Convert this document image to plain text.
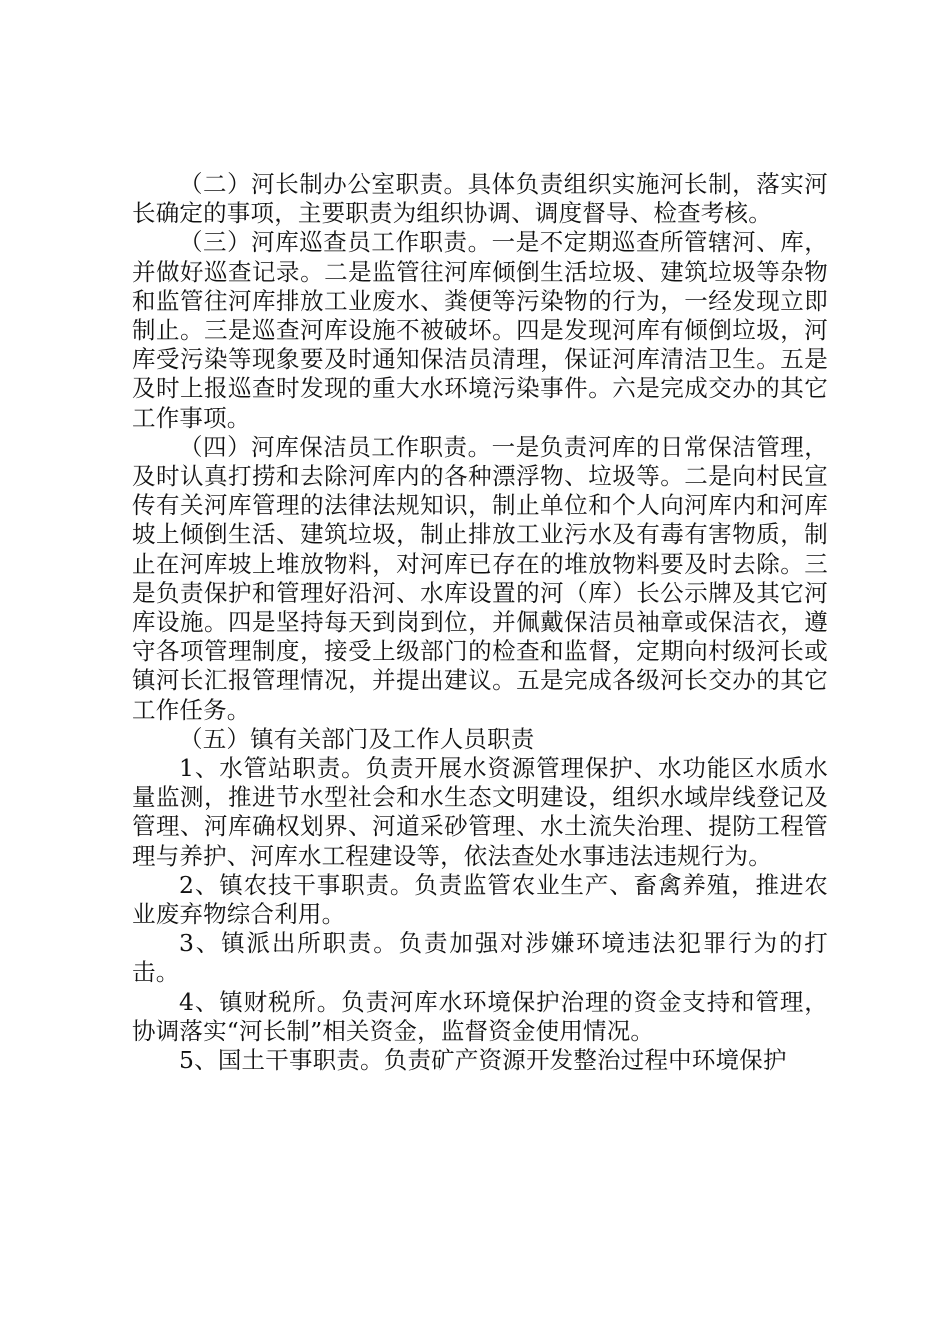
（二）河长制办公室职责。具体负责组织实施河长制，落实河长确定的事项，主要职责为组织协调、调度督导、检查考核。

（三）河库巡查员工作职责。一是不定期巡查所管辖河、库，并做好巡查记录。二是监管往河库倾倒生活垃圾、建筑垃圾等杂物和监管往河库排放工业废水、粪便等污染物的行为，一经发现立即制止。三是巡查河库设施不被破坏。四是发现河库有倾倒垃圾，河库受污染等现象要及时通知保洁员清理，保证河库清洁卫生。五是及时上报巡查时发现的重大水环境污染事件。六是完成交办的其它工作事项。

（四）河库保洁员工作职责。一是负责河库的日常保洁管理，及时认真打捞和去除河库内的各种漂浮物、垃圾等。二是向村民宣传有关河库管理的法律法规知识，制止单位和个人向河库内和河库坡上倾倒生活、建筑垃圾，制止排放工业污水及有毒有害物质，制止在河库坡上堆放物料，对河库已存在的堆放物料要及时去除。三是负责保护和管理好沿河、水库设置的河（库）长公示牌及其它河库设施。四是坚持每天到岗到位，并佩戴保洁员袖章或保洁衣，遵守各项管理制度，接受上级部门的检查和监督，定期向村级河长或镇河长汇报管理情况，并提出建议。五是完成各级河长交办的其它工作任务。

（五）镇有关部门及工作人员职责

1、水管站职责。负责开展水资源管理保护、水功能区水质水量监测，推进节水型社会和水生态文明建设，组织水域岸线登记及管理、河库确权划界、河道采砂管理、水土流失治理、提防工程管理与养护、河库水工程建设等，依法查处水事违法违规行为。

2、镇农技干事职责。负责监管农业生产、畜禽养殖，推进农业废弃物综合利用。

3、镇派出所职责。负责加强对涉嫌环境违法犯罪行为的打击。

4、镇财税所。负责河库水环境保护治理的资金支持和管理，协调落实“河长制”相关资金，监督资金使用情况。

5、国土干事职责。负责矿产资源开发整治过程中环境保护
